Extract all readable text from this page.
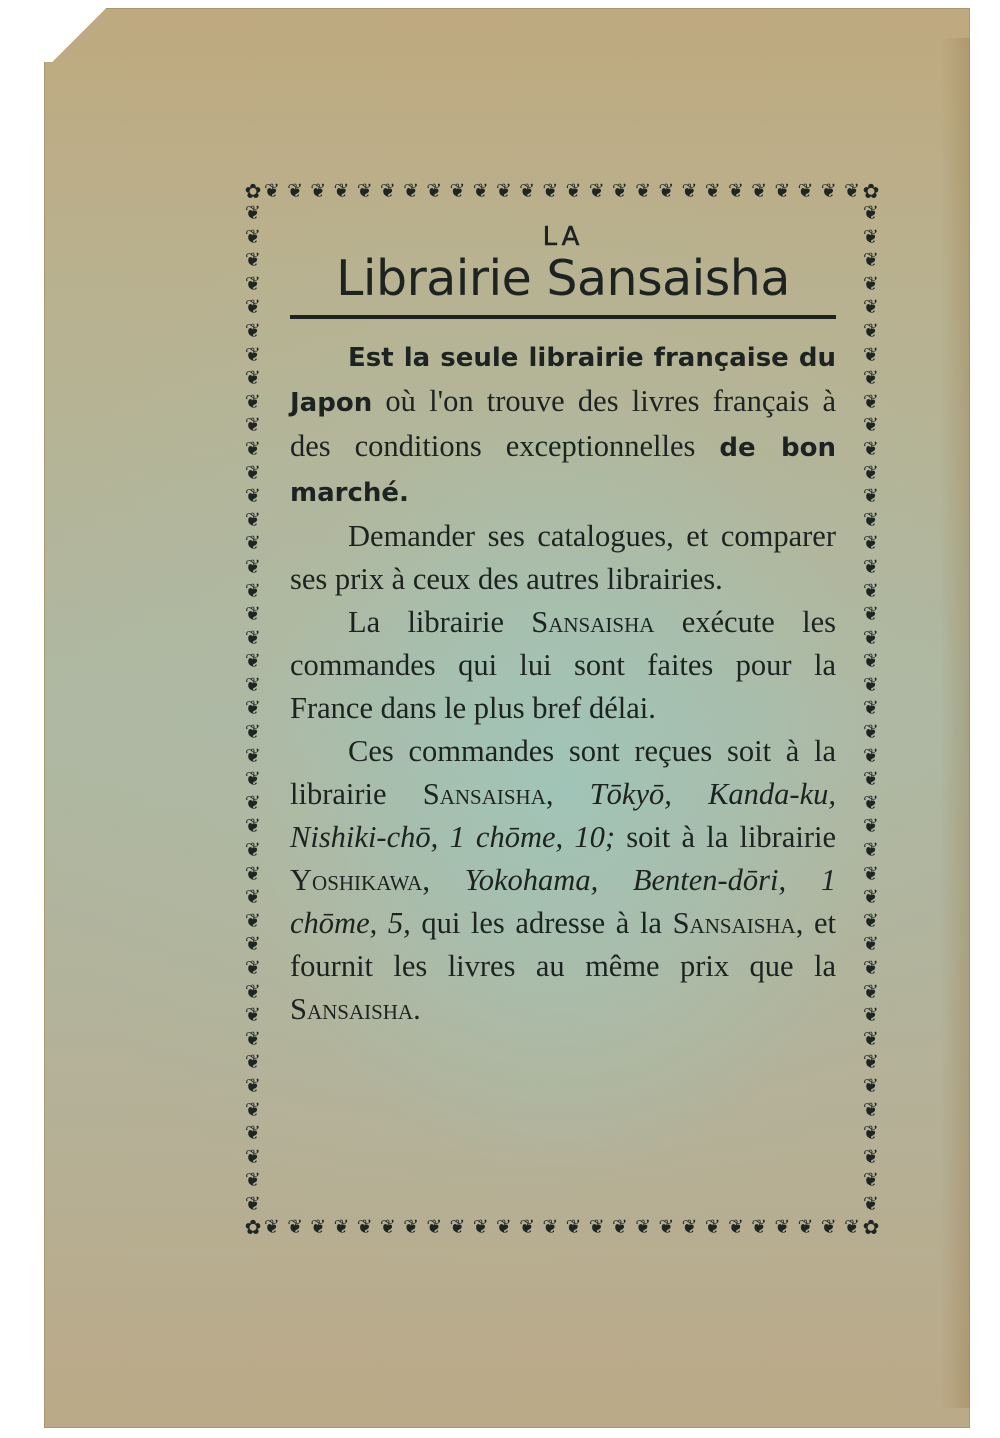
✿	✿
✿	✿
❦ ❦ ❦ ❦ ❦ ❦ ❦ ❦ ❦ ❦ ❦ ❦ ❦ ❦ ❦ ❦ ❦ ❦ ❦ ❦ ❦ ❦ ❦ ❦ ❦ ❦
❦ ❦ ❦ ❦ ❦ ❦ ❦ ❦ ❦ ❦ ❦ ❦ ❦ ❦ ❦ ❦ ❦ ❦ ❦ ❦ ❦ ❦ ❦ ❦ ❦ ❦
❦
❦
❦
❦
❦
❦
❦
❦
❦
❦
❦
❦
❦
❦
❦
❦
❦
❦
❦
❦
❦
❦
❦
❦
❦
❦
❦
❦
❦
❦
❦
❦
❦
❦
❦
❦
❦
❦
❦
❦
❦
❦
❦
❦
❦
❦
❦
❦
❦
❦
❦
❦
❦
❦
❦
❦
❦
❦
❦
❦
❦
❦
❦
❦
❦
❦
❦
❦
❦
❦
❦
❦
❦
❦
❦
❦
❦
❦
❦
❦
❦
❦
❦
❦
❦
❦
LA
Librairie Sansaisha

Est la seule librairie française du Japon où l'on trouve des livres français à des conditions exceptionnelles de bon marché.

Demander ses catalogues, et comparer ses prix à ceux des autres librairies.

La librairie Sansaisha exécute les commandes qui lui sont faites pour la France dans le plus bref délai.

Ces commandes sont reçues soit à la librairie Sansaisha, Tōkyō, Kanda-ku, Nishiki-chō, 1 chōme, 10; soit à la librairie Yoshikawa, Yokohama, Benten-dōri, 1 chōme, 5, qui les adresse à la Sansaisha, et fournit les livres au même prix que la Sansaisha.
